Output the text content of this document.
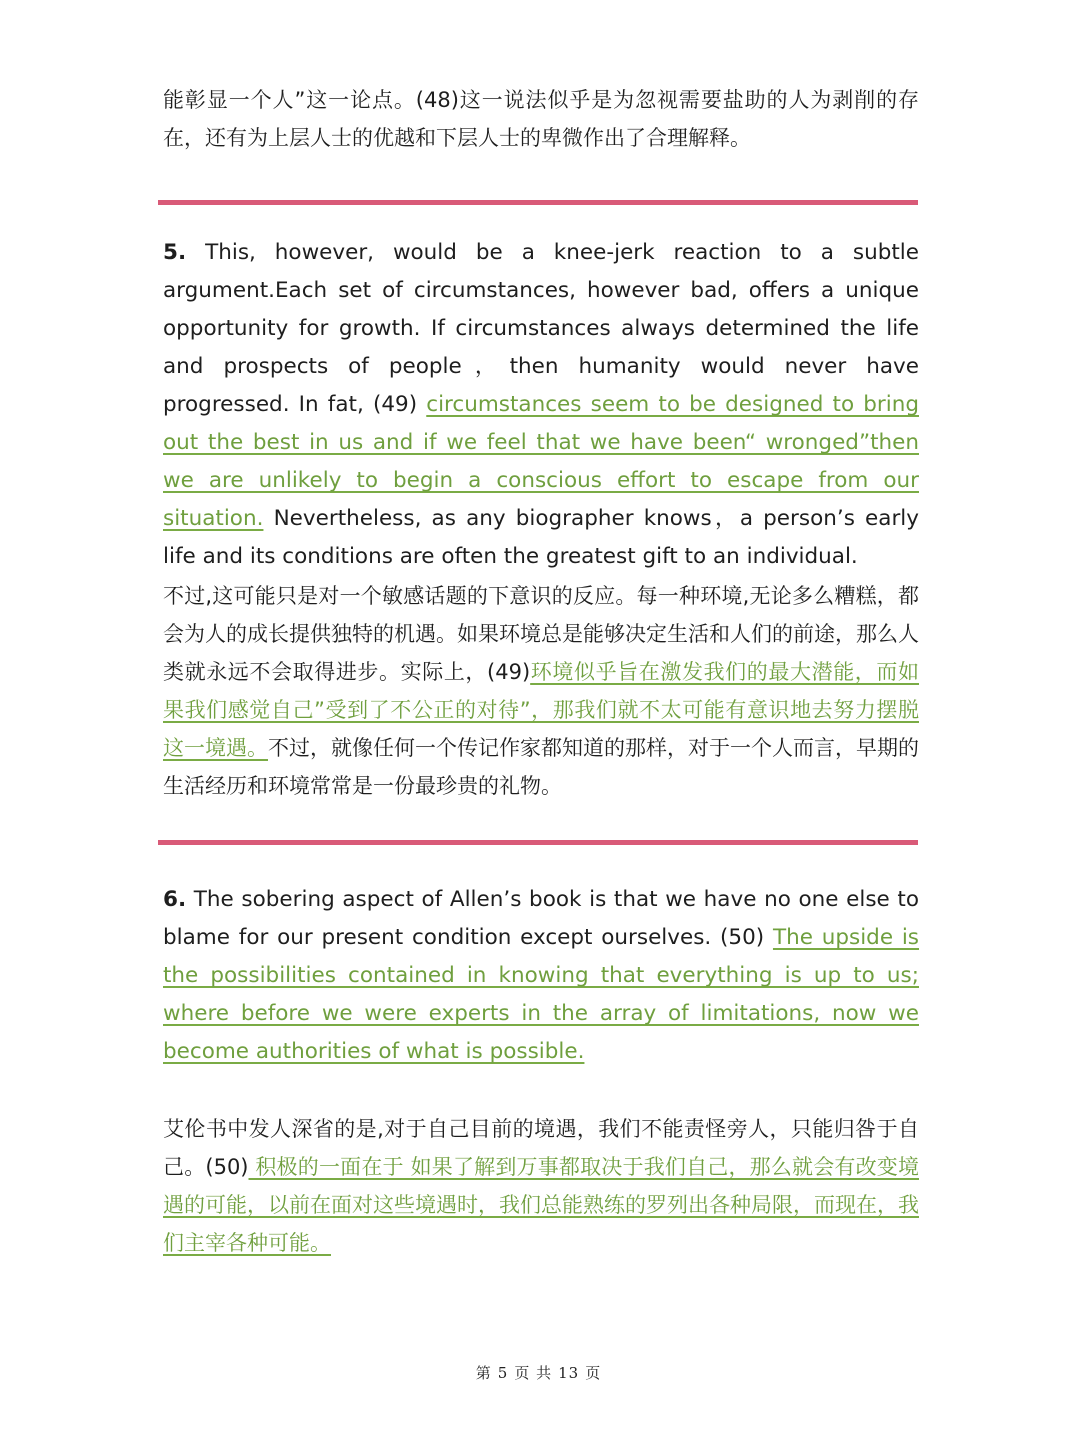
能彰显一个人”这一论点。(48)这一说法似乎是为忽视需要盐助的人为剥削的存在，还有为上层人士的优越和下层人士的卑微作出了合理解释。

5. This, however, would be a knee-jerk reaction to a subtle argument.Each set of circumstances, however bad, offers a unique opportunity for growth. If circumstances always determined the life and prospects of people，then humanity would never have progressed. In fat, (49) circumstances seem to be designed to bring out the best in us and if we feel that we have been“ wronged”then we are unlikely to begin a conscious effort to escape from our situation. Nevertheless, as any biographer knows，a person’s early life and its conditions are often the greatest gift to an individual.

不过,这可能只是对一个敏感话题的下意识的反应。每一种环境,无论多么糟糕，都会为人的成长提供独特的机遇。如果环境总是能够决定生活和人们的前途，那么人类就永远不会取得进步。实际上，(49)环境似乎旨在激发我们的最大潜能，而如果我们感觉自己”受到了不公正的对待”，那我们就不太可能有意识地去努力摆脱这一境遇。不过，就像任何一个传记作家都知道的那样，对于一个人而言，早期的生活经历和环境常常是一份最珍贵的礼物。

6. The sobering aspect of Allen’s book is that we have no one else to blame for our present condition except ourselves. (50) The upside is the possibilities contained in knowing that everything is up to us; where before we were experts in the array of limitations, now we become authorities of what is possible.

艾伦书中发人深省的是,对于自己目前的境遇，我们不能责怪旁人，只能归咎于自己。(50) 积极的一面在于 如果了解到万事都取决于我们自己，那么就会有改变境遇的可能，以前在面对这些境遇时，我们总能熟练的罗列出各种局限，而现在，我们主宰各种可能。

第 5 页 共 13 页
